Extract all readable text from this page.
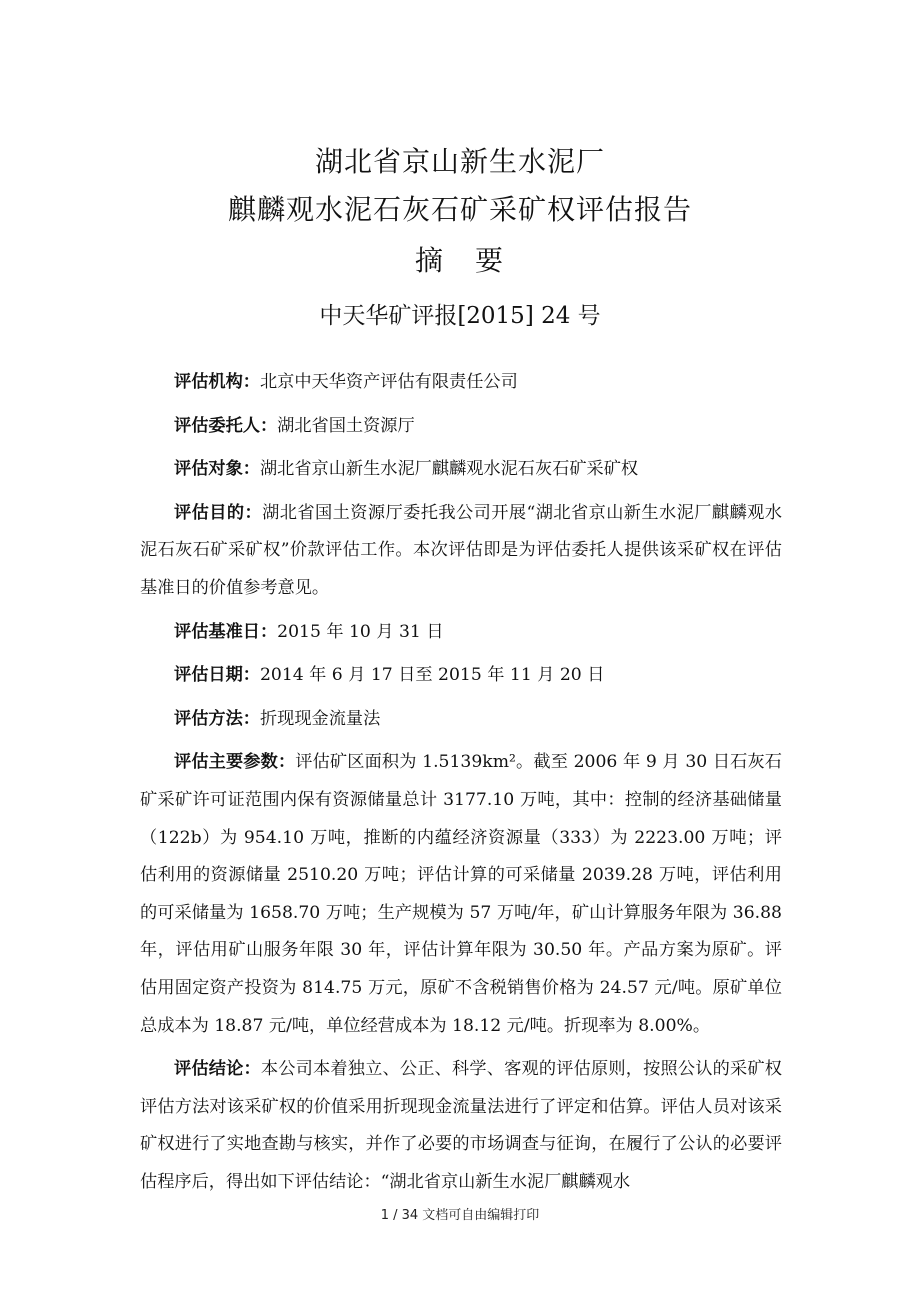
湖北省京山新生水泥厂
麒麟观水泥石灰石矿采矿权评估报告
摘　要
中天华矿评报[2015] 24 号

评估机构：北京中天华资产评估有限责任公司

评估委托人：湖北省国土资源厅

评估对象：湖北省京山新生水泥厂麒麟观水泥石灰石矿采矿权

评估目的：湖北省国土资源厅委托我公司开展“湖北省京山新生水泥厂麒麟观水泥石灰石矿采矿权”价款评估工作。本次评估即是为评估委托人提供该采矿权在评估基准日的价值参考意见。

评估基准日：2015 年 10 月 31 日

评估日期：2014 年 6 月 17 日至 2015 年 11 月 20 日

评估方法：折现现金流量法

评估主要参数：评估矿区面积为 1.5139km²。截至 2006 年 9 月 30 日石灰石矿采矿许可证范围内保有资源储量总计 3177.10 万吨，其中：控制的经济基础储量（122b）为 954.10 万吨，推断的内蕴经济资源量（333）为 2223.00 万吨；评估利用的资源储量 2510.20 万吨；评估计算的可采储量 2039.28 万吨，评估利用的可采储量为 1658.70 万吨；生产规模为 57 万吨/年，矿山计算服务年限为 36.88 年，评估用矿山服务年限 30 年，评估计算年限为 30.50 年。产品方案为原矿。评估用固定资产投资为 814.75 万元，原矿不含税销售价格为 24.57 元/吨。原矿单位总成本为 18.87 元/吨，单位经营成本为 18.12 元/吨。折现率为 8.00%。

评估结论：本公司本着独立、公正、科学、客观的评估原则，按照公认的采矿权评估方法对该采矿权的价值采用折现现金流量法进行了评定和估算。评估人员对该采矿权进行了实地查勘与核实，并作了必要的市场调查与征询，在履行了公认的必要评估程序后，得出如下评估结论：“湖北省京山新生水泥厂麒麟观水

1 / 34 文档可自由编辑打印
